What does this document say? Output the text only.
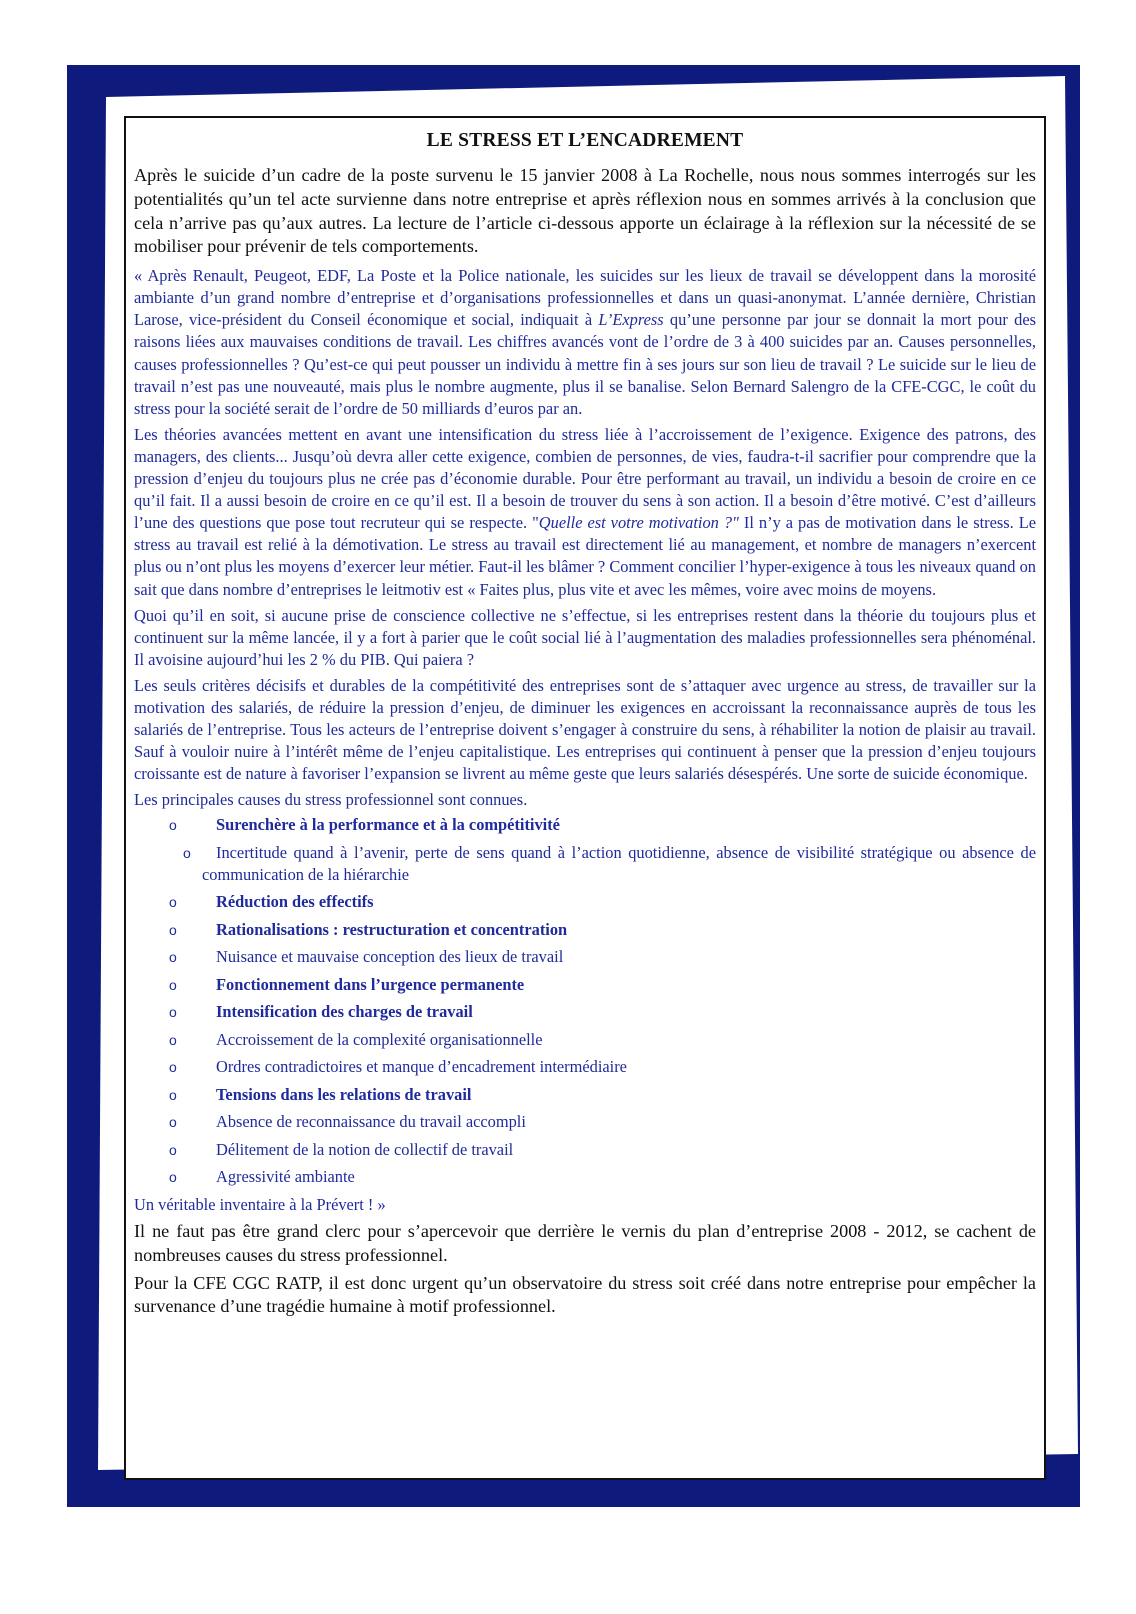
LE STRESS ET L’ENCADREMENT

Après le suicide d’un cadre de la poste survenu le 15 janvier 2008 à La Rochelle, nous nous sommes interrogés sur les potentialités qu’un tel acte survienne dans notre entreprise et après réflexion nous en sommes arrivés à la conclusion que cela n’arrive pas qu’aux autres. La lecture de l’article ci-dessous apporte un éclairage à la réflexion sur la nécessité de se mobiliser pour prévenir de tels comportements.

« Après Renault, Peugeot, EDF, La Poste et la Police nationale, les suicides sur les lieux de travail se développent dans la morosité ambiante d’un grand nombre d’entreprise et d’organisations professionnelles et dans un quasi-anonymat. L’année dernière, Christian Larose, vice-président du Conseil économique et social, indiquait à L’Express qu’une personne par jour se donnait la mort pour des raisons liées aux mauvaises conditions de travail. Les chiffres avancés vont de l’ordre de 3 à 400 suicides par an. Causes personnelles, causes professionnelles ? Qu’est-ce qui peut pousser un individu à mettre fin à ses jours sur son lieu de travail ? Le suicide sur le lieu de travail n’est pas une nouveauté, mais plus le nombre augmente, plus il se banalise. Selon Bernard Salengro de la CFE-CGC, le coût du stress pour la société serait de l’ordre de 50 milliards d’euros par an.

Les théories avancées mettent en avant une intensification du stress liée à l’accroissement de l’exigence. Exigence des patrons, des managers, des clients... Jusqu’où devra aller cette exigence, combien de personnes, de vies, faudra-t-il sacrifier pour comprendre que la pression d’enjeu du toujours plus ne crée pas d’économie durable. Pour être performant au travail, un individu a besoin de croire en ce qu’il fait. Il a aussi besoin de croire en ce qu’il est. Il a besoin de trouver du sens à son action. Il a besoin d’être motivé. C’est d’ailleurs l’une des questions que pose tout recruteur qui se respecte. "Quelle est votre motivation ?" Il n’y a pas de motivation dans le stress. Le stress au travail est relié à la démotivation. Le stress au travail est directement lié au management, et nombre de managers n’exercent plus ou n’ont plus les moyens d’exercer leur métier. Faut-il les blâmer ? Comment concilier l’hyper-exigence à tous les niveaux quand on sait que dans nombre d’entreprises le leitmotiv est « Faites plus, plus vite et avec les mêmes, voire avec moins de moyens.

Quoi qu’il en soit, si aucune prise de conscience collective ne s’effectue, si les entreprises restent dans la théorie du toujours plus et continuent sur la même lancée, il y a fort à parier que le coût social lié à l’augmentation des maladies professionnelles sera phénoménal. Il avoisine aujourd’hui les 2 % du PIB. Qui paiera ?

Les seuls critères décisifs et durables de la compétitivité des entreprises sont de s’attaquer avec urgence au stress, de travailler sur la motivation des salariés, de réduire la pression d’enjeu, de diminuer les exigences en accroissant la reconnaissance auprès de tous les salariés de l’entreprise. Tous les acteurs de l’entreprise doivent s’engager à construire du sens, à réhabiliter la notion de plaisir au travail. Sauf à vouloir nuire à l’intérêt même de l’enjeu capitalistique. Les entreprises qui continuent à penser que la pression d’enjeu toujours croissante est de nature à favoriser l’expansion se livrent au même geste que leurs salariés désespérés. Une sorte de suicide économique.

Les principales causes du stress professionnel sont connues.

o Surenchère à la performance et à la compétitivité
o Incertitude quand à l’avenir, perte de sens quand à l’action quotidienne, absence de visibilité stratégique ou absence de communication de la hiérarchie
o Réduction des effectifs
o Rationalisations : restructuration et concentration
o Nuisance et mauvaise conception des lieux de travail
o Fonctionnement dans l’urgence permanente
o Intensification des charges de travail
o Accroissement de la complexité organisationnelle
o Ordres contradictoires et manque d’encadrement intermédiaire
o Tensions dans les relations de travail
o Absence de reconnaissance du travail accompli
o Délitement de la notion de collectif de travail
o Agressivité ambiante

Un véritable inventaire à la Prévert ! »

Il ne faut pas être grand clerc pour s’apercevoir que derrière le vernis du plan d’entreprise 2008 - 2012, se cachent de nombreuses causes du stress professionnel.

Pour la CFE CGC RATP, il est donc urgent qu’un observatoire du stress soit créé dans notre entreprise pour empêcher la survenance d’une tragédie humaine à motif professionnel.
